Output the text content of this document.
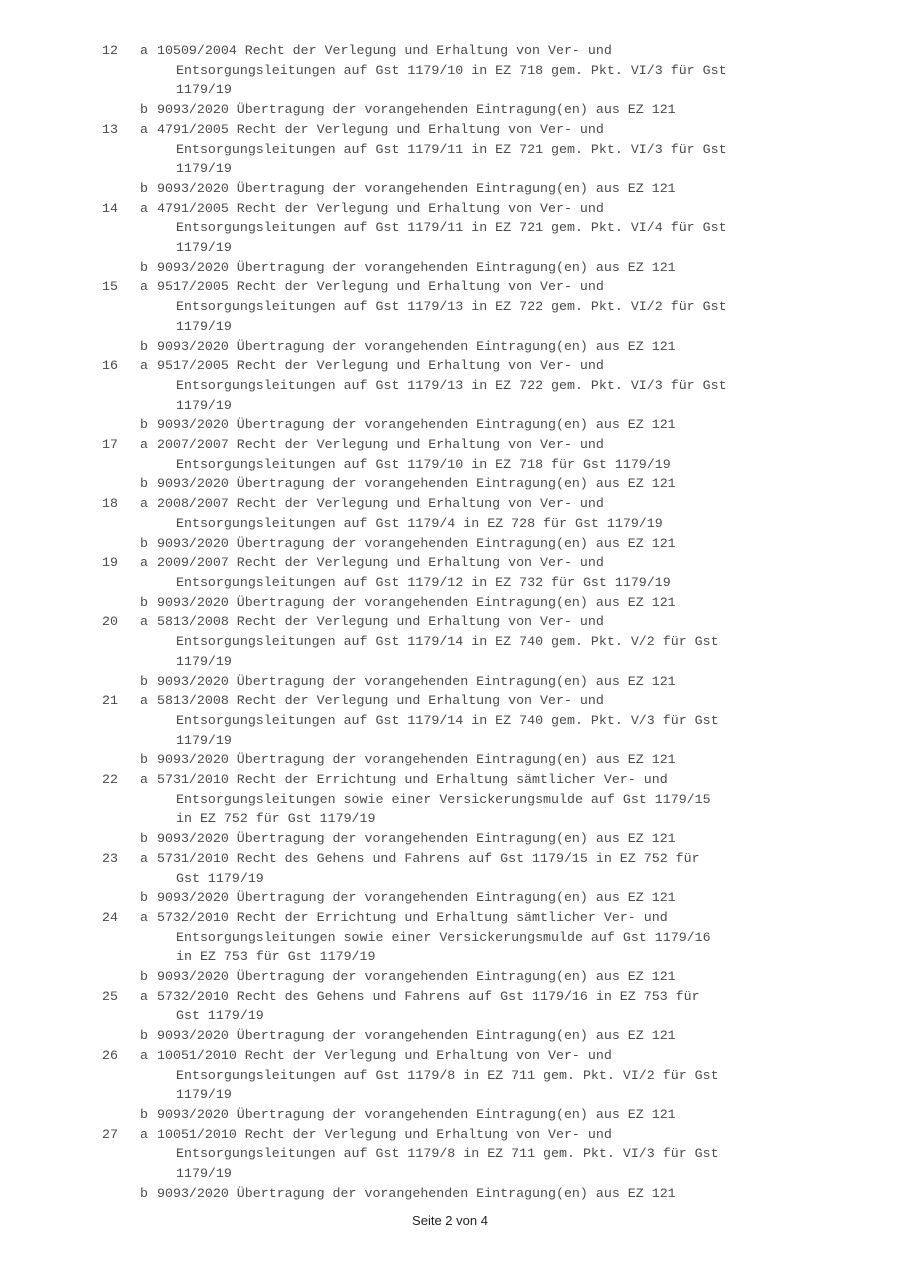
12	a 10509/2004 Recht der Verlegung und Erhaltung von Ver- und
Entsorgungsleitungen auf Gst 1179/10 in EZ 718 gem. Pkt. VI/3 für Gst
1179/19
b 9093/2020 Übertragung der vorangehenden Eintragung(en) aus EZ 121
13	a 4791/2005 Recht der Verlegung und Erhaltung von Ver- und
Entsorgungsleitungen auf Gst 1179/11 in EZ 721 gem. Pkt. VI/3 für Gst
1179/19
b 9093/2020 Übertragung der vorangehenden Eintragung(en) aus EZ 121
14	a 4791/2005 Recht der Verlegung und Erhaltung von Ver- und
Entsorgungsleitungen auf Gst 1179/11 in EZ 721 gem. Pkt. VI/4 für Gst
1179/19
b 9093/2020 Übertragung der vorangehenden Eintragung(en) aus EZ 121
15	a 9517/2005 Recht der Verlegung und Erhaltung von Ver- und
Entsorgungsleitungen auf Gst 1179/13 in EZ 722 gem. Pkt. VI/2 für Gst
1179/19
b 9093/2020 Übertragung der vorangehenden Eintragung(en) aus EZ 121
16	a 9517/2005 Recht der Verlegung und Erhaltung von Ver- und
Entsorgungsleitungen auf Gst 1179/13 in EZ 722 gem. Pkt. VI/3 für Gst
1179/19
b 9093/2020 Übertragung der vorangehenden Eintragung(en) aus EZ 121
17	a 2007/2007 Recht der Verlegung und Erhaltung von Ver- und
Entsorgungsleitungen auf Gst 1179/10 in EZ 718 für Gst 1179/19
b 9093/2020 Übertragung der vorangehenden Eintragung(en) aus EZ 121
18	a 2008/2007 Recht der Verlegung und Erhaltung von Ver- und
Entsorgungsleitungen auf Gst 1179/4 in EZ 728 für Gst 1179/19
b 9093/2020 Übertragung der vorangehenden Eintragung(en) aus EZ 121
19	a 2009/2007 Recht der Verlegung und Erhaltung von Ver- und
Entsorgungsleitungen auf Gst 1179/12 in EZ 732 für Gst 1179/19
b 9093/2020 Übertragung der vorangehenden Eintragung(en) aus EZ 121
20	a 5813/2008 Recht der Verlegung und Erhaltung von Ver- und
Entsorgungsleitungen auf Gst 1179/14 in EZ 740 gem. Pkt. V/2 für Gst
1179/19
b 9093/2020 Übertragung der vorangehenden Eintragung(en) aus EZ 121
21	a 5813/2008 Recht der Verlegung und Erhaltung von Ver- und
Entsorgungsleitungen auf Gst 1179/14 in EZ 740 gem. Pkt. V/3 für Gst
1179/19
b 9093/2020 Übertragung der vorangehenden Eintragung(en) aus EZ 121
22	a 5731/2010 Recht der Errichtung und Erhaltung sämtlicher Ver- und
Entsorgungsleitungen sowie einer Versickerungsmulde auf Gst 1179/15
in EZ 752 für Gst 1179/19
b 9093/2020 Übertragung der vorangehenden Eintragung(en) aus EZ 121
23	a 5731/2010 Recht des Gehens und Fahrens auf Gst 1179/15 in EZ 752 für
Gst 1179/19
b 9093/2020 Übertragung der vorangehenden Eintragung(en) aus EZ 121
24	a 5732/2010 Recht der Errichtung und Erhaltung sämtlicher Ver- und
Entsorgungsleitungen sowie einer Versickerungsmulde auf Gst 1179/16
in EZ 753 für Gst 1179/19
b 9093/2020 Übertragung der vorangehenden Eintragung(en) aus EZ 121
25	a 5732/2010 Recht des Gehens und Fahrens auf Gst 1179/16 in EZ 753 für
Gst 1179/19
b 9093/2020 Übertragung der vorangehenden Eintragung(en) aus EZ 121
26	a 10051/2010 Recht der Verlegung und Erhaltung von Ver- und
Entsorgungsleitungen auf Gst 1179/8 in EZ 711 gem. Pkt. VI/2 für Gst
1179/19
b 9093/2020 Übertragung der vorangehenden Eintragung(en) aus EZ 121
27	a 10051/2010 Recht der Verlegung und Erhaltung von Ver- und
Entsorgungsleitungen auf Gst 1179/8 in EZ 711 gem. Pkt. VI/3 für Gst
1179/19
b 9093/2020 Übertragung der vorangehenden Eintragung(en) aus EZ 121
Seite 2 von 4
